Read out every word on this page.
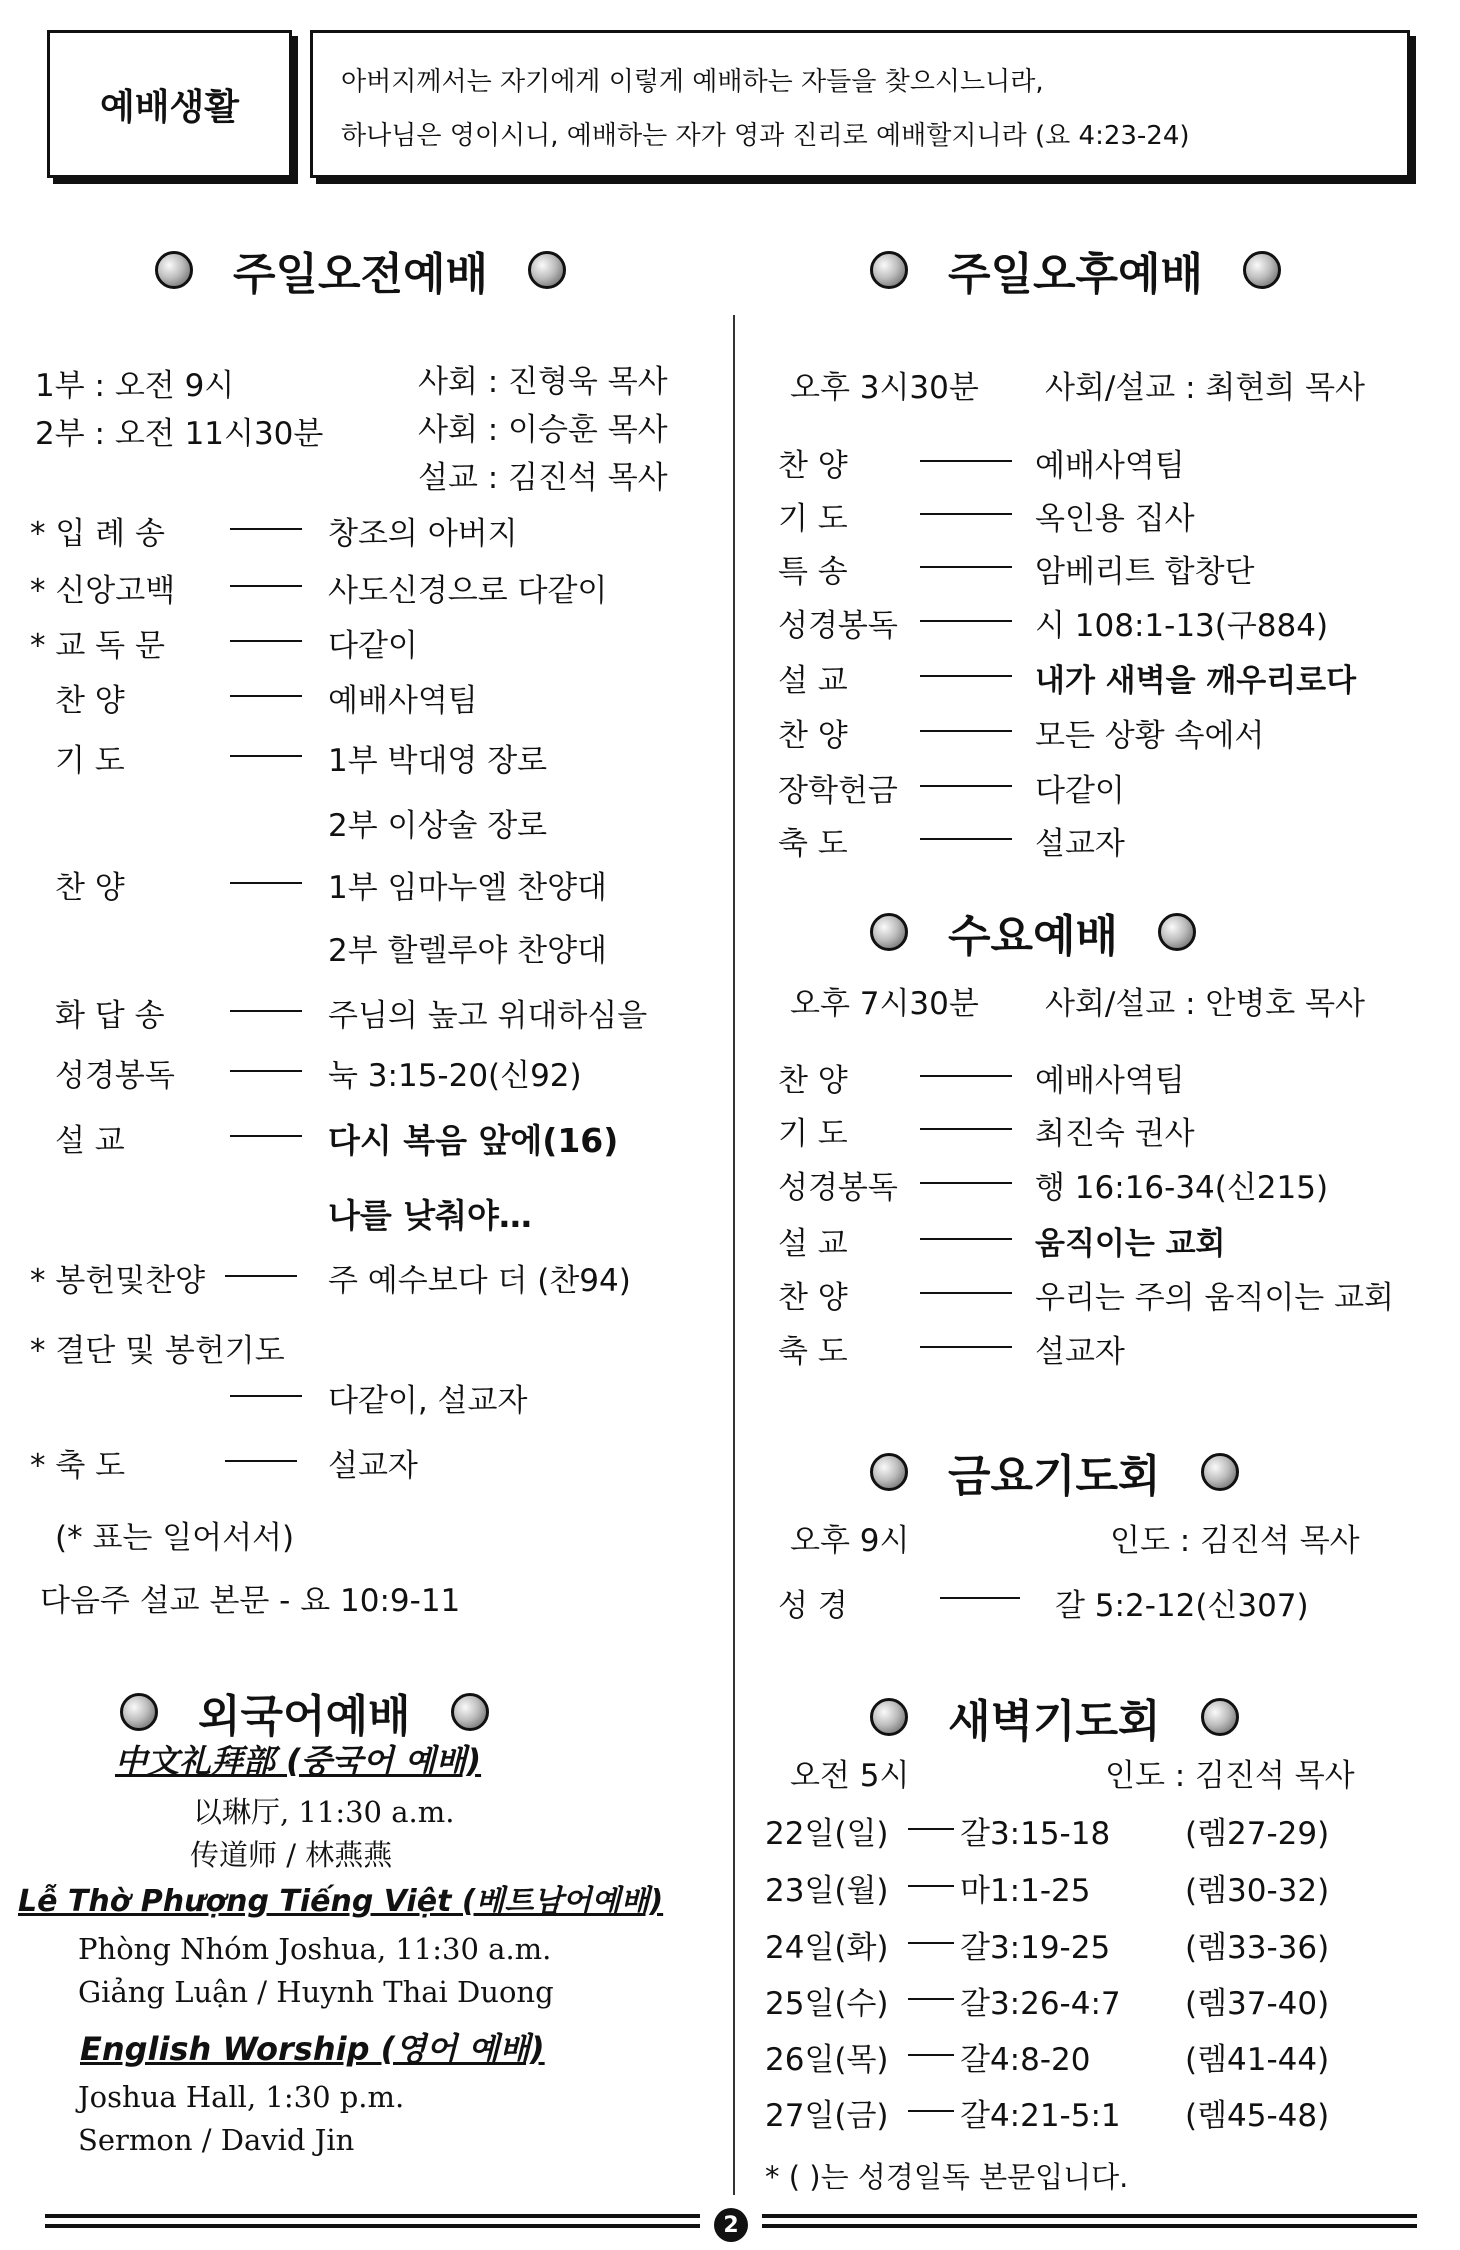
예배생활
아버지께서는 자기에게 이렇게 예배하는 자들을 찾으시느니라,
하나님은 영이시니, 예배하는 자가 영과 진리로 예배할지니라 (요 4:23-24)
주일오전예배
1부 : 오전 9시	사회 : 진형욱 목사
2부 : 오전 11시30분	사회 : 이승훈 목사
설교 : 김진석 목사
* 입 례 송	창조의 아버지
* 신앙고백	사도신경으로 다같이
* 교 독 문	다같이
찬 양	예배사역팀
기 도	1부 박대영 장로
2부 이상술 장로
찬 양	1부 임마누엘 찬양대
2부 할렐루야 찬양대
화 답 송	주님의 높고 위대하심을
성경봉독	눅 3:15-20(신92)
설 교	다시 복음 앞에(16)
나를 낮춰야…
* 봉헌및찬양	주 예수보다 더 (찬94)
* 결단 및 봉헌기도
다같이, 설교자
* 축 도	설교자
(* 표는 일어서서)
다음주 설교 본문 - 요 10:9-11
외국어예배
中文礼拜部 (중국어 예배)
以琳厅, 11:30 a.m.
传道师 / 林燕燕
Lễ Thờ Phượng Tiếng Việt (베트남어예배)
Phòng Nhóm Joshua, 11:30 a.m.
Giảng Luận / Huynh Thai Duong
English Worship (영어 예배)
Joshua Hall, 1:30 p.m.
Sermon / David Jin
주일오후예배
오후 3시30분 사회/설교 : 최현희 목사
찬 양	예배사역팀
기 도	옥인용 집사
특 송	암베리트 합창단
성경봉독	시 108:1-13(구884)
설 교	내가 새벽을 깨우리로다
찬 양	모든 상황 속에서
장학헌금	다같이
축 도	설교자
수요예배
오후 7시30분 사회/설교 : 안병호 목사
찬 양	예배사역팀
기 도	최진숙 권사
성경봉독	행 16:16-34(신215)
설 교	움직이는 교회
찬 양	우리는 주의 움직이는 교회
축 도	설교자
금요기도회
오후 9시	인도 : 김진석 목사
성 경	갈 5:2-12(신307)
새벽기도회
오전 5시	인도 : 김진석 목사
22일(일) 갈3:15-18 (렘27-29)
23일(월) 마1:1-25	(렘30-32)
24일(화) 갈3:19-25 (렘33-36)
25일(수) 갈3:26-4:7 (렘37-40)
26일(목) 갈4:8-20	(렘41-44)
27일(금) 갈4:21-5:1 (렘45-48)
* ( )는 성경일독 본문입니다.
2
